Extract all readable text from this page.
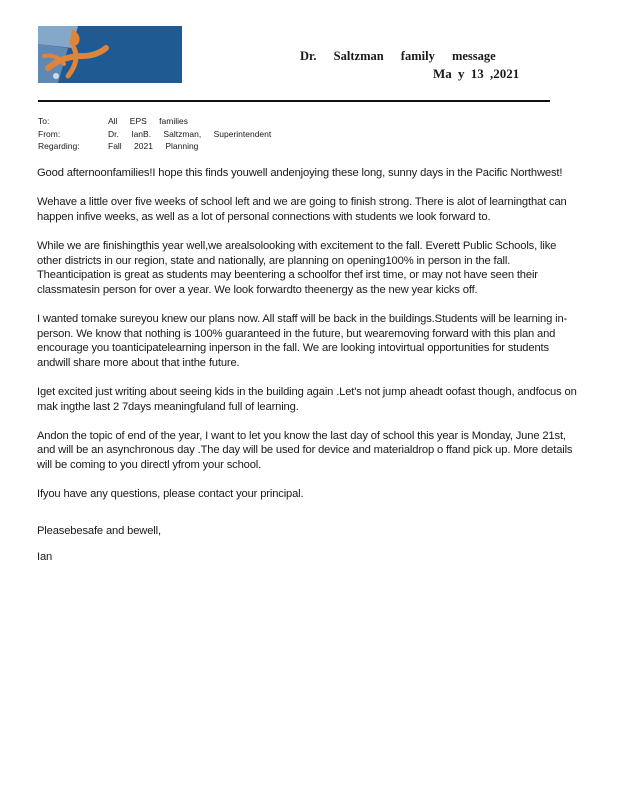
Dr. Saltzman family message
Ma y 13 ,2021
To:	All EPS families
From:	Dr. IanB. Saltzman, Superintendent
Regarding:	Fall 2021 Planning

Good afternoonfamilies!I hope this finds youwell andenjoying these long, sunny days in the Pacific Northwest!

Wehave a little over five weeks of school left and we are going to finish strong. There is alot of learningthat can happen infive weeks, as well as a lot of personal connections with students we look forward to.

While we are finishingthis year well,we arealsolooking with excitement to the fall. Everett Public Schools, like other districts in our region, state and nationally, are planning on opening100% in person in the fall. Theanticipation is great as students may beentering a schoolfor thef irst time, or may not have seen their classmatesin person for over a year. We look forwardto theenergy as the new year kicks off.

I wanted tomake sureyou knew our plans now. All staff will be back in the buildings.Students will be learning in-person. We know that nothing is 100% guaranteed in the future, but wearemoving forward with this plan and encourage you toanticipatelearning inperson in the fall. We are looking intovirtual opportunities for students andwill share more about that inthe future.

Iget excited just writing about seeing kids in the building again .Let's not jump aheadt oofast though, andfocus on mak ingthe last 2 7days meaningfuland full of learning.

Andon the topic of end of the year, I want to let you know the last day of school this year is Monday, June 21st, and will be an asynchronous day .The day will be used for device and materialdrop o ffand pick up. More details will be coming to you directl yfrom your school.

Ifyou have any questions, please contact your principal.

Pleasebesafe and bewell,

Ian
